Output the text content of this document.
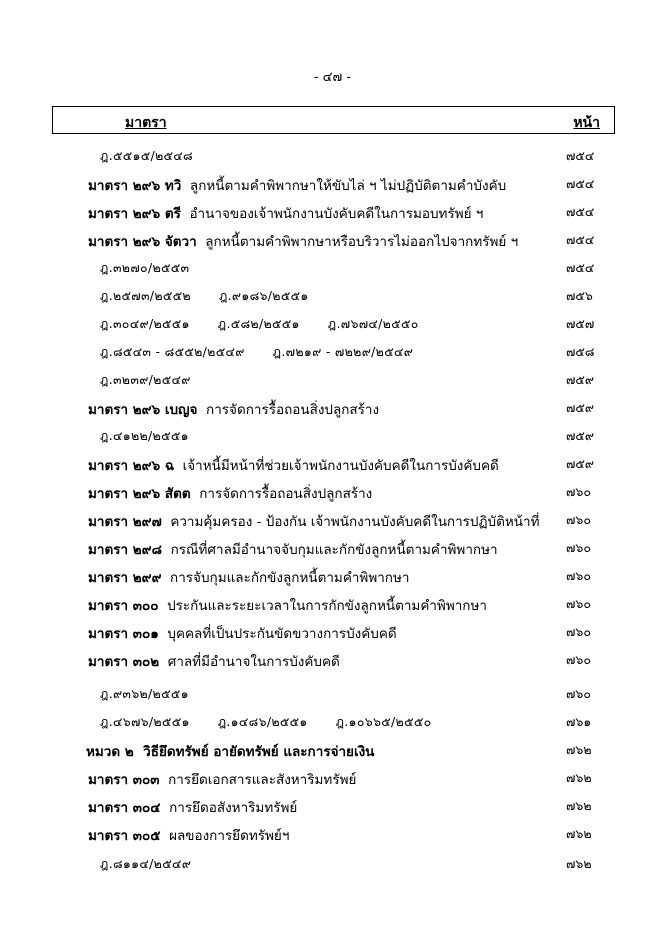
- ๔๗ -
มาตรา	หน้า
ฎ.๕๕๑๕/๒๕๔๘	๗๕๔
มาตรา ๒๙๖ ทวิ ลูกหนี้ตามคำพิพากษาให้ขับไล่ ฯ ไม่ปฏิบัติตามคำบังคับ	๗๕๔
มาตรา ๒๙๖ ตรี อำนาจของเจ้าพนักงานบังคับคดีในการมอบทรัพย์ ฯ	๗๕๔
มาตรา ๒๙๖ จัตวา ลูกหนี้ตามคำพิพากษาหรือบริวารไม่ออกไปจากทรัพย์ ฯ	๗๕๔
ฎ.๓๒๗๐/๒๕๕๓	๗๕๔
ฎ.๒๕๗๓/๒๕๕๒ ฎ.๙๑๘๖/๒๕๕๑	๗๕๖
ฎ.๓๐๔๙/๒๕๕๑ ฎ.๕๘๒/๒๕๕๑ ฎ.๗๖๗๔/๒๕๕๐	๗๕๗
ฎ.๘๕๔๓ - ๘๕๕๒/๒๕๔๙ ฎ.๗๒๑๙ - ๗๒๒๙/๒๕๔๙	๗๕๘
ฎ.๓๒๓๙/๒๕๔๙	๗๕๙
มาตรา ๒๙๖ เบญจ การจัดการรื้อถอนสิ่งปลูกสร้าง	๗๕๙
ฎ.๔๑๒๒/๒๕๕๑	๗๕๙
มาตรา ๒๙๖ ฉ เจ้าหนี้มีหน้าที่ช่วยเจ้าพนักงานบังคับคดีในการบังคับคดี	๗๕๙
มาตรา ๒๙๖ สัตต การจัดการรื้อถอนสิ่งปลูกสร้าง	๗๖๐
มาตรา ๒๙๗ ความคุ้มครอง - ป้องกัน เจ้าพนักงานบังคับคดีในการปฏิบัติหน้าที่ ๗๖๐
มาตรา ๒๙๘ กรณีที่ศาลมีอำนาจจับกุมและกักขังลูกหนี้ตามคำพิพากษา	๗๖๐
มาตรา ๒๙๙ การจับกุมและกักขังลูกหนี้ตามคำพิพากษา	๗๖๐
มาตรา ๓๐๐ ประกันและระยะเวลาในการกักขังลูกหนี้ตามคำพิพากษา	๗๖๐
มาตรา ๓๐๑ บุคคลที่เป็นประกันขัดขวางการบังคับคดี	๗๖๐
มาตรา ๓๐๒ ศาลที่มีอำนาจในการบังคับคดี	๗๖๐
ฎ.๙๓๖๒/๒๕๕๑	๗๖๐
ฎ.๔๖๗๖/๒๕๕๑ ฎ.๑๔๘๖/๒๕๕๑ ฎ.๑๐๖๖๕/๒๕๕๐	๗๖๑
หมวด ๒ วิธียึดทรัพย์ อายัดทรัพย์ และการจ่ายเงิน	๗๖๒
มาตรา ๓๐๓ การยึดเอกสารและสังหาริมทรัพย์	๗๖๒
มาตรา ๓๐๔ การยึดอสังหาริมทรัพย์	๗๖๒
มาตรา ๓๐๕ ผลของการยึดทรัพย์ฯ	๗๖๒
ฎ.๘๑๑๔/๒๕๔๙	๗๖๒
